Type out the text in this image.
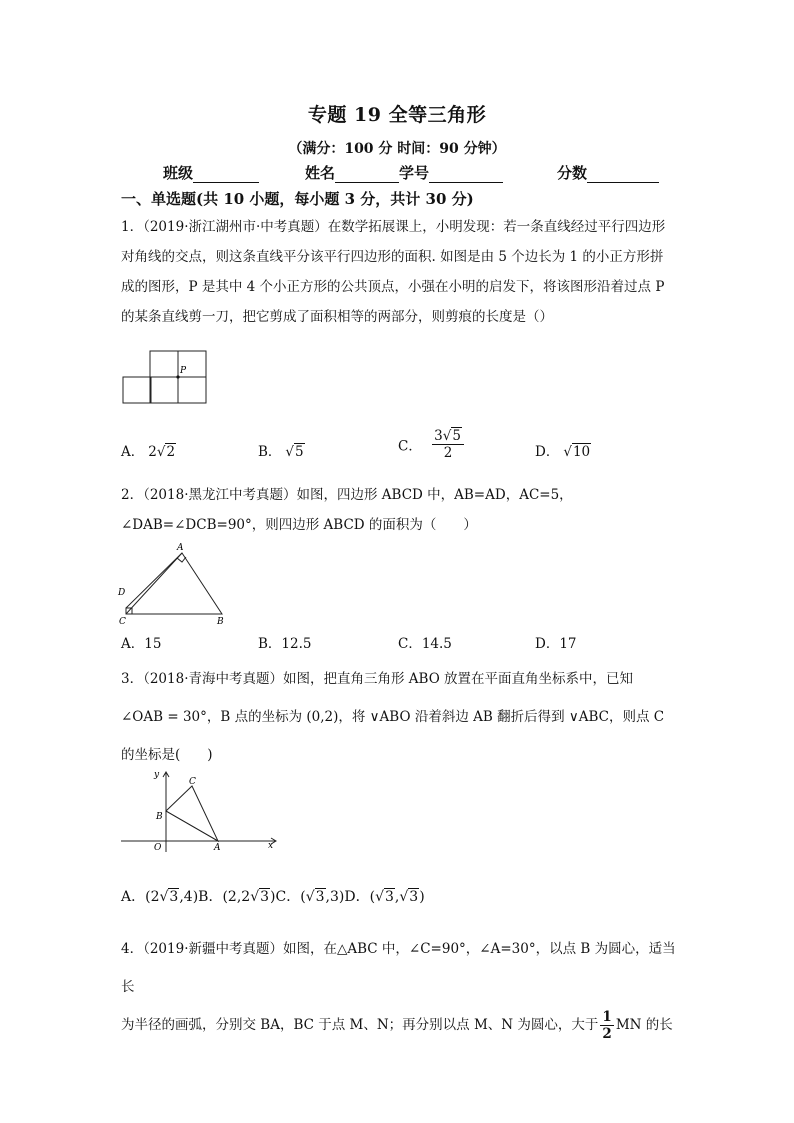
专题 19 全等三角形
（满分：100 分 时间：90 分钟）
班级	姓名	学号	分数
一、单选题(共 10 小题，每小题 3 分，共计 30 分)
1．（2019·浙江湖州市·中考真题）在数学拓展课上，小明发现：若一条直线经过平行四边形
对角线的交点，则这条直线平分该平行四边形的面积. 如图是由 5 个边长为 1 的小正方形拼
成的图形，P 是其中 4 个小正方形的公共顶点，小强在小明的启发下，将该图形沿着过点 P
的某条直线剪一刀，把它剪成了面积相等的两部分，则剪痕的长度是（）
P
A． 2√2	B． √5	C． $\frac{3√5}{2}$	D． √10
2．（2018·黑龙江中考真题）如图，四边形 ABCD 中，AB=AD，AC=5，
∠DAB=∠DCB=90°，则四边形 ABCD 的面积为（　　）
A
D
C	B
A．15	B．12.5	C．14.5	D．17
3．（2018·青海中考真题）如图，把直角三角形 ABO 放置在平面直角坐标系中，已知
∠OAB = 30°，B 点的坐标为 (0,2)，将 ∨ABO 沿着斜边 AB 翻折后得到 ∨ABC，则点 C
的坐标是(　　)
y
x
C
B
O	A
A．(2√3,4)B．(2,2√3)C．(√3,3)D．(√3,√3)
4．（2019·新疆中考真题）如图，在△ABC 中，∠C=90°，∠A=30°，以点 B 为圆心，适当长
为半径的画弧，分别交 BA，BC 于点 M、N；再分别以点 M、N 为圆心，大于 $\frac{1}{2}$ MN 的长
